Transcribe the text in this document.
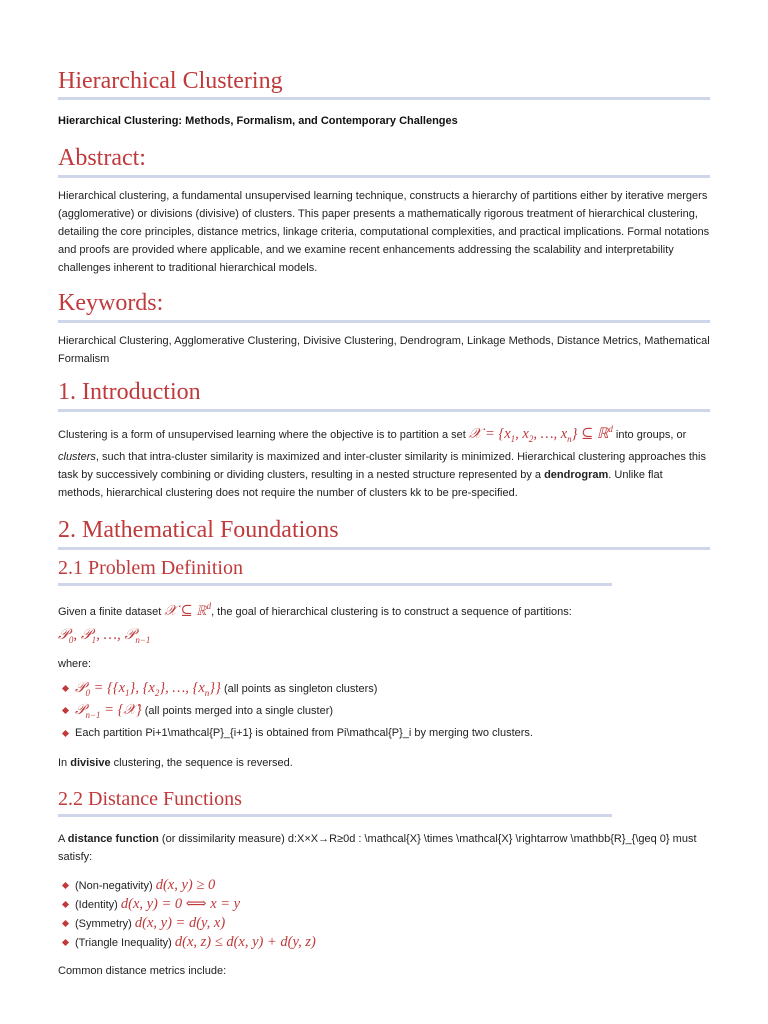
Hierarchical Clustering

Hierarchical Clustering: Methods, Formalism, and Contemporary Challenges

Abstract:

Hierarchical clustering, a fundamental unsupervised learning technique, constructs a hierarchy of partitions either by iterative mergers (agglomerative) or divisions (divisive) of clusters. This paper presents a mathematically rigorous treatment of hierarchical clustering, detailing the core principles, distance metrics, linkage criteria, computational complexities, and practical implications. Formal notations and proofs are provided where applicable, and we examine recent enhancements addressing the scalability and interpretability challenges inherent to traditional hierarchical models.

Keywords:

Hierarchical Clustering, Agglomerative Clustering, Divisive Clustering, Dendrogram, Linkage Methods, Distance Metrics, Mathematical Formalism

1. Introduction

Clustering is a form of unsupervised learning where the objective is to partition a set 𝒳 = {$x_1$, $x_2$, …, $x_n$} ⊆ ℝ$^d$ into groups, or clusters, such that intra-cluster similarity is maximized and inter-cluster similarity is minimized. Hierarchical clustering approaches this task by successively combining or dividing clusters, resulting in a nested structure represented by a dendrogram. Unlike flat methods, hierarchical clustering does not require the number of clusters kk to be pre-specified.

2. Mathematical Foundations
2.1 Problem Definition

Given a finite dataset 𝒳 ⊆ ℝ$^d$, the goal of hierarchical clustering is to construct a sequence of partitions:

𝒫$_0$, 𝒫$_1$, …, 𝒫$_{n-1}$

where:

𝒫$_0$ = {$\{x_1\}$, $\{x_2\}$, …, $\{x_n\}$} (all points as singleton clusters)
𝒫$_{n-1}$ = {𝒳} (all points merged into a single cluster)
Each partition Pi+1\mathcal{P}_{i+1} is obtained from Pi\mathcal{P}_i by merging two clusters.

In divisive clustering, the sequence is reversed.

2.2 Distance Functions

A distance function (or dissimilarity measure) d:X×X→R≥0d : \mathcal{X} \times \mathcal{X} \rightarrow \mathbb{R}_{\geq 0} must satisfy:

(Non-negativity) d(x, y) ≥ 0
(Identity) d(x, y) = 0 ⟺ x = y
(Symmetry) d(x, y) = d(y, x)
(Triangle Inequality) d(x, z) ≤ d(x, y) + d(y, z)

Common distance metrics include:
